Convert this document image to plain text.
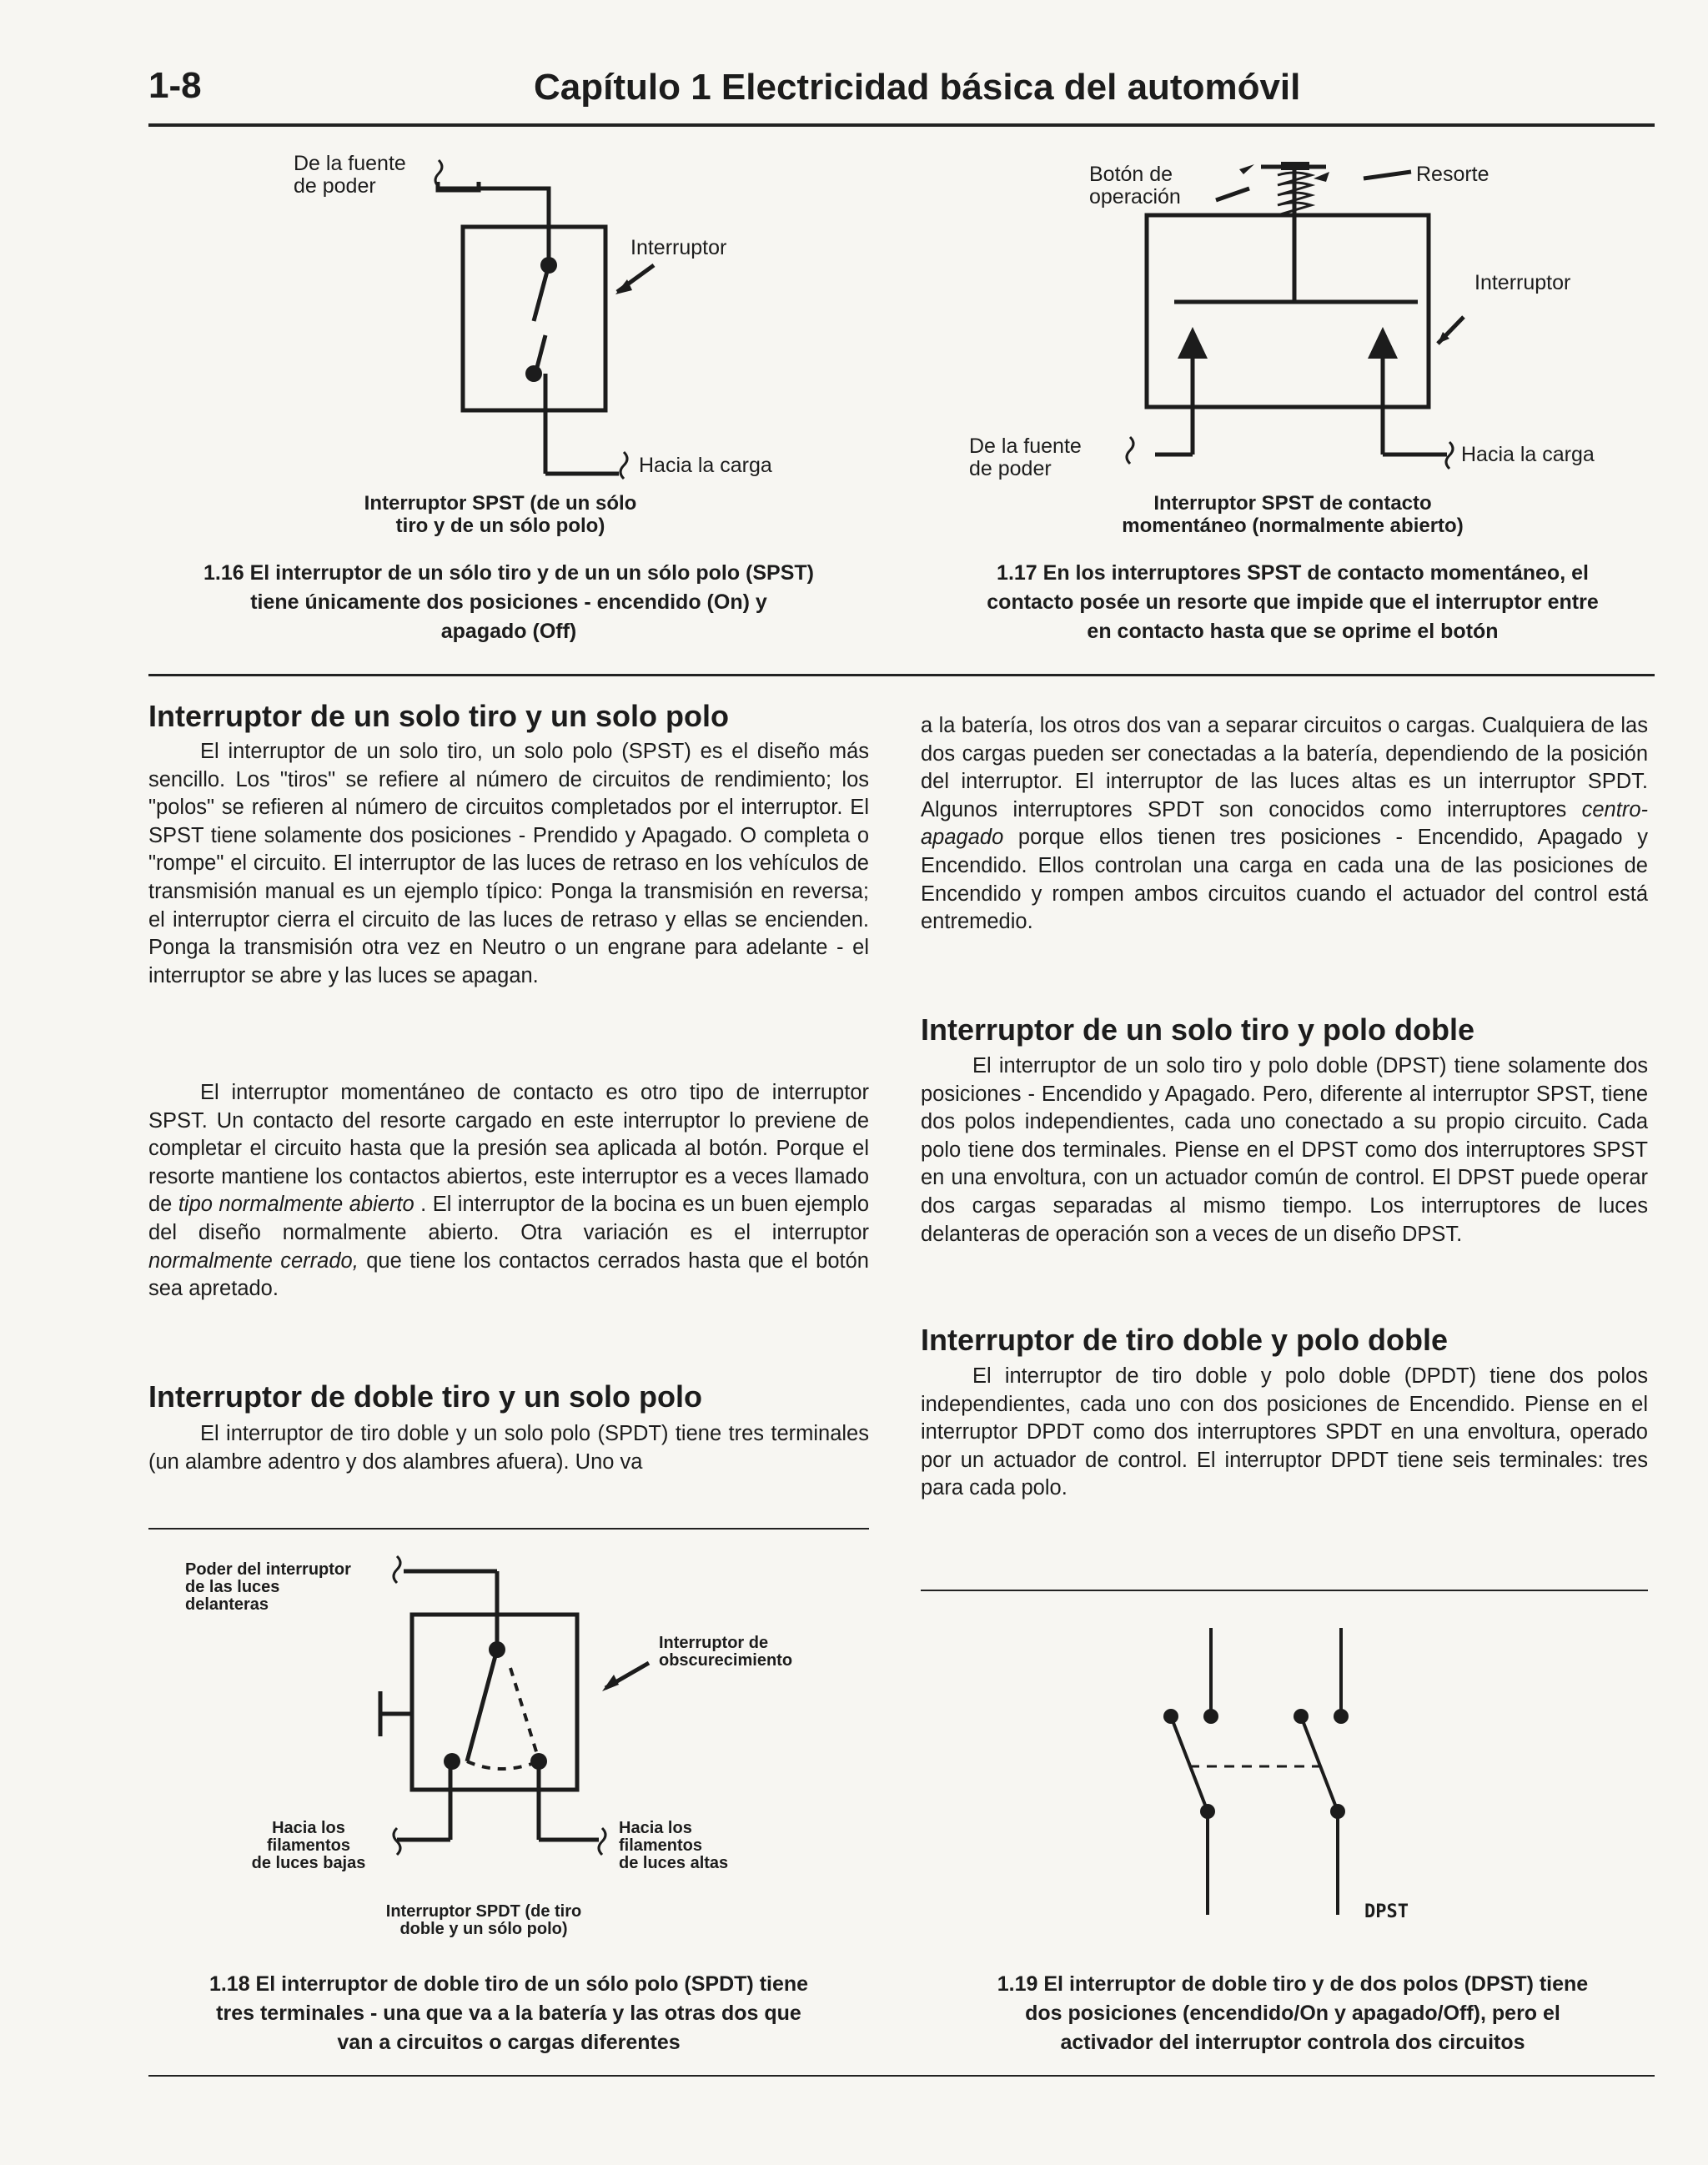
1-8	Capítulo 1 Electricidad básica del automóvil
De la fuente
de poder
Interruptor
Hacia la carga
Interruptor SPST (de un sólo
tiro y de un sólo polo)
1.16 El interruptor de un sólo tiro y de un un sólo polo (SPST)
tiene únicamente dos posiciones - encendido (On) y
apagado (Off)
Botón de
operación
Resorte
Interruptor
De la fuente
de poder
Hacia la carga
Interruptor SPST de contacto
momentáneo (normalmente abierto)
1.17 En los interruptores SPST de contacto momentáneo, el
contacto posée un resorte que impide que el interruptor entre
en contacto hasta que se oprime el botón
Interruptor de un solo tiro y un solo polo

El interruptor de un solo tiro, un solo polo (SPST) es el diseño más sencillo. Los "tiros" se refiere al número de circuitos de rendimiento; los "polos" se refieren al número de circuitos completados por el interruptor. El SPST tiene solamente dos posiciones - Prendido y Apagado. O completa o "rompe" el circuito. El interruptor de las luces de retraso en los vehículos de transmisión manual es un ejemplo típico: Ponga la transmisión en reversa; el interruptor cierra el circuito de las luces de retraso y ellas se encienden. Ponga la transmisión otra vez en Neutro o un engrane para adelante - el interruptor se abre y las luces se apagan.

El interruptor momentáneo de contacto es otro tipo de interruptor SPST. Un contacto del resorte cargado en este interruptor lo previene de completar el circuito hasta que la presión sea aplicada al botón. Porque el resorte mantiene los contactos abiertos, este interruptor es a veces llamado de tipo normalmente abierto . El interruptor de la bocina es un buen ejemplo del diseño normalmente abierto. Otra variación es el interruptor normalmente cerrado, que tiene los contactos cerrados hasta que el botón sea apretado.

Interruptor de doble tiro y un solo polo

El interruptor de tiro doble y un solo polo (SPDT) tiene tres terminales (un alambre adentro y dos alambres afuera). Uno va

a la batería, los otros dos van a separar circuitos o cargas. Cualquiera de las dos cargas pueden ser conectadas a la batería, dependiendo de la posición del interruptor. El interruptor de las luces altas es un interruptor SPDT. Algunos interruptores SPDT son conocidos como interruptores centro-apagado porque ellos tienen tres posiciones - Encendido, Apagado y Encendido. Ellos controlan una carga en cada una de las posiciones de Encendido y rompen ambos circuitos cuando el actuador del control está entremedio.

Interruptor de un solo tiro y polo doble

El interruptor de un solo tiro y polo doble (DPST) tiene solamente dos posiciones - Encendido y Apagado. Pero, diferente al interruptor SPST, tiene dos polos independientes, cada uno conectado a su propio circuito. Cada polo tiene dos terminales. Piense en el DPST como dos interruptores SPST en una envoltura, con un actuador común de control. El DPST puede operar dos cargas separadas al mismo tiempo. Los interruptores de luces delanteras de operación son a veces de un diseño DPST.

Interruptor de tiro doble y polo doble

El interruptor de tiro doble y polo doble (DPDT) tiene dos polos independientes, cada uno con dos posiciones de Encendido. Piense en el interruptor DPDT como dos interruptores SPDT en una envoltura, operado por un actuador de control. El interruptor DPDT tiene seis terminales: tres para cada polo.

Poder del interruptor
de las luces
delanteras
Interruptor de
obscurecimiento
Hacia los
filamentos
de luces bajas
Hacia los
filamentos
de luces altas
Interruptor SPDT (de tiro
doble y un sólo polo)
1.18 El interruptor de doble tiro de un sólo polo (SPDT) tiene
tres terminales - una que va a la batería y las otras dos que
van a circuitos o cargas diferentes
DPST
1.19 El interruptor de doble tiro y de dos polos (DPST) tiene
dos posiciones (encendido/On y apagado/Off), pero el
activador del interruptor controla dos circuitos
